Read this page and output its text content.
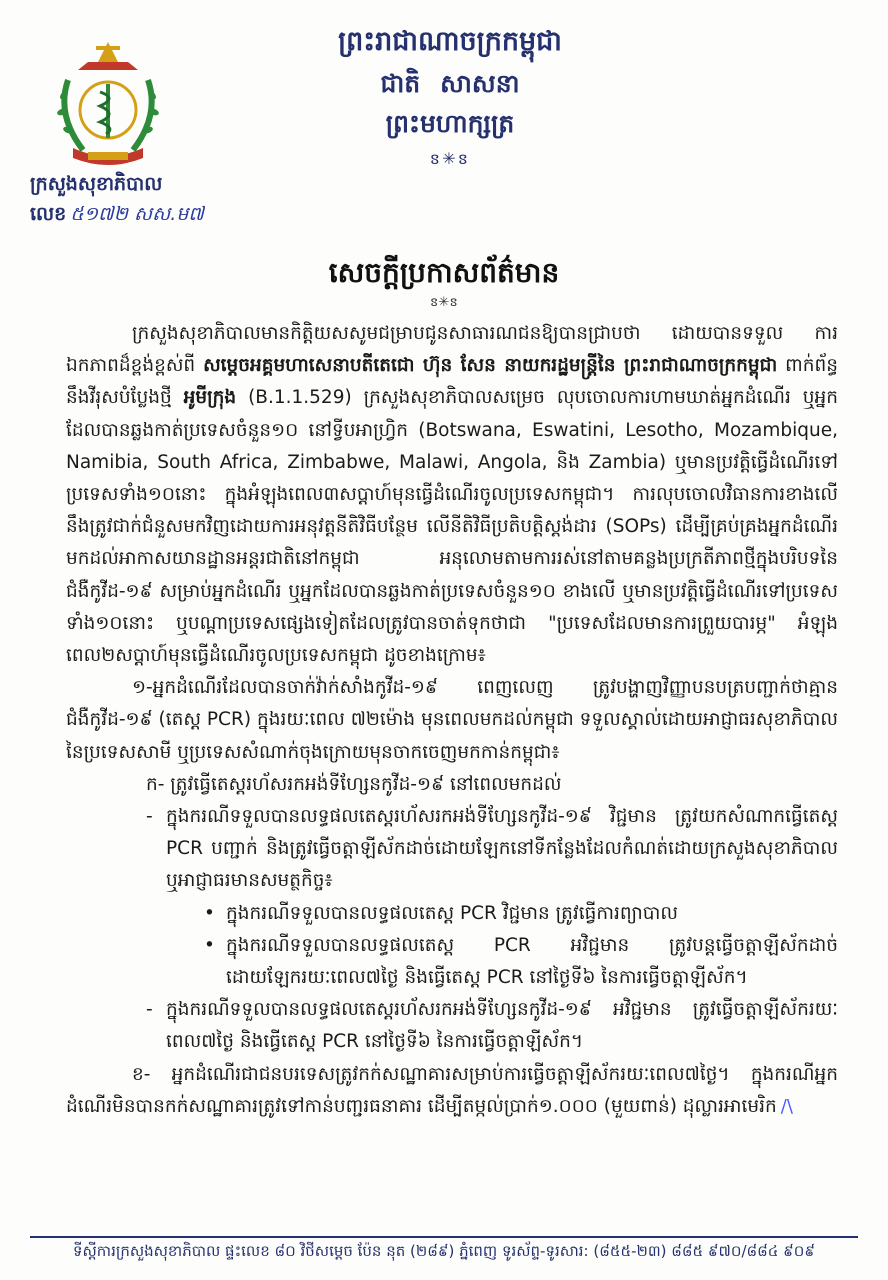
ព្រះរាជាណាចក្រកម្ពុជា
ជាតិ សាសនាព្រះមហាក្សត្រ
ៜ✳ៜ
ក្រសួងសុខាភិបាល
លេខ ៥១៧២ សស.ម៧
សេចក្តីប្រកាសព័ត៌មាន
ៜ✳ៜ

ក្រសួងសុខាភិបាលមានកិត្តិយសសូមជម្រាបជូនសាធារណជនឱ្យបានជ្រាបថា ដោយបានទទួល ការឯកភាពដ៏ខ្ពង់ខ្ពស់ពី សម្តេចអគ្គមហាសេនាបតីតេជោ ហ៊ុន សែន នាយករដ្ឋមន្ត្រីនៃ ព្រះរាជាណាចក្រកម្ពុជា ពាក់ព័ន្ធនឹងវីរុសបំប្លែងថ្មី អូមីក្រុង (B.1.1.529) ក្រសួងសុខាភិបាលសម្រេច លុបចោលការហាមឃាត់អ្នកដំណើរ ឬអ្នកដែលបានឆ្លងកាត់ប្រទេសចំនួន១០ នៅទ្វីបអាហ្វ្រិក (Botswana, Eswatini, Lesotho, Mozambique, Namibia, South Africa, Zimbabwe, Malawi, Angola, និង Zambia) ឬមានប្រវត្តិធ្វើដំណើរទៅប្រទេសទាំង១០នោះ ក្នុងអំឡុងពេល៣សប្តាហ៍មុនធ្វើដំណើរចូលប្រទេសកម្ពុជា។ ការលុបចោលវិធានការខាងលើ នឹងត្រូវជាក់ជំនួសមកវិញដោយការអនុវត្តនីតិវិធីបន្ថែម លើនីតិវិធីប្រតិបត្តិស្តង់ដារ (SOPs) ដើម្បីគ្រប់គ្រងអ្នកដំណើរមកដល់អាកាសយានដ្ឋានអន្តរជាតិនៅកម្ពុជា អនុលោមតាមការរស់នៅតាមគន្លងប្រក្រតីភាពថ្មីក្នុងបរិបទនៃជំងឺកូវីដ-១៩ សម្រាប់អ្នកដំណើរ ឬអ្នកដែលបានឆ្លងកាត់ប្រទេសចំនួន១០ ខាងលើ ឬមានប្រវត្តិធ្វើដំណើរទៅប្រទេសទាំង១០នោះ ឬបណ្តាប្រទេសផ្សេងទៀតដែលត្រូវបានចាត់ទុកថាជា "ប្រទេសដែលមានការព្រួយបារម្ភ" អំឡុងពេល២សប្តាហ៍មុនធ្វើដំណើរចូលប្រទេសកម្ពុជា ដូចខាងក្រោម៖

១-អ្នកដំណើរដែលបានចាក់វ៉ាក់សាំងកូវីដ-១៩ ពេញលេញ ត្រូវបង្ហាញវិញ្ញាបនបត្របញ្ជាក់ថាគ្មានជំងឺកូវីដ-១៩ (តេស្ត PCR) ក្នុងរយៈពេល ៧២ម៉ោង មុនពេលមកដល់កម្ពុជា ទទួលស្គាល់ដោយអាជ្ញាធរសុខាភិបាលនៃប្រទេសសាមី ឬប្រទេសសំណាក់ចុងក្រោយមុនចាកចេញមកកាន់កម្ពុជា៖

ក- ត្រូវធ្វើតេស្តរហ័សរកអង់ទីហ្សែនកូវីដ-១៩ នៅពេលមកដល់

- ក្នុងករណីទទួលបានលទ្ធផលតេស្តរហ័សរកអង់ទីហ្សែនកូវីដ-១៩ វិជ្ជមាន ត្រូវយកសំណាកធ្វើតេស្ត PCR បញ្ជាក់ និងត្រូវធ្វើចត្តាឡីស័កដាច់ដោយឡែកនៅទីកន្លែងដែលកំណត់ដោយក្រសួងសុខាភិបាល ឬអាជ្ញាធរមានសមត្ថកិច្ច៖

• ក្នុងករណីទទួលបានលទ្ធផលតេស្ត PCR វិជ្ជមាន ត្រូវធ្វើការព្យាបាល

• ក្នុងករណីទទួលបានលទ្ធផលតេស្ត PCR អវិជ្ជមាន ត្រូវបន្តធ្វើចត្តាឡីស័កដាច់ដោយឡែករយៈពេល៧ថ្ងៃ និងធ្វើតេស្ត PCR នៅថ្ងៃទី៦ នៃការធ្វើចត្តាឡីស័ក។

- ក្នុងករណីទទួលបានលទ្ធផលតេស្តរហ័សរកអង់ទីហ្សែនកូវីដ-១៩ អវិជ្ជមាន ត្រូវធ្វើចត្តាឡីស័ករយៈពេល៧ថ្ងៃ និងធ្វើតេស្ត PCR នៅថ្ងៃទី៦ នៃការធ្វើចត្តាឡីស័ក។

ខ- អ្នកដំណើរជាជនបរទេសត្រូវកក់សណ្ឋាគារសម្រាប់ការធ្វើចត្តាឡីស័ករយៈពេល៧ថ្ងៃ។ ក្នុងករណីអ្នកដំណើរមិនបានកក់សណ្ឋាគារត្រូវទៅកាន់បញ្ជរធនាគារ ដើម្បីតម្កល់ប្រាក់១.០០០ (មួយពាន់) ដុល្លារអាមេរិក /\

ទីស្តីការក្រសួងសុខាភិបាល ផ្ទះលេខ ៨០ វិថីសម្តេច ប៉ែន នុត (២៨៩) ភ្នំពេញ ទូរស័ព្ទ-ទូរសារ: (៨៥៥-២៣) ៨៨៥ ៩៧០/៨៨៤ ៩០៩
